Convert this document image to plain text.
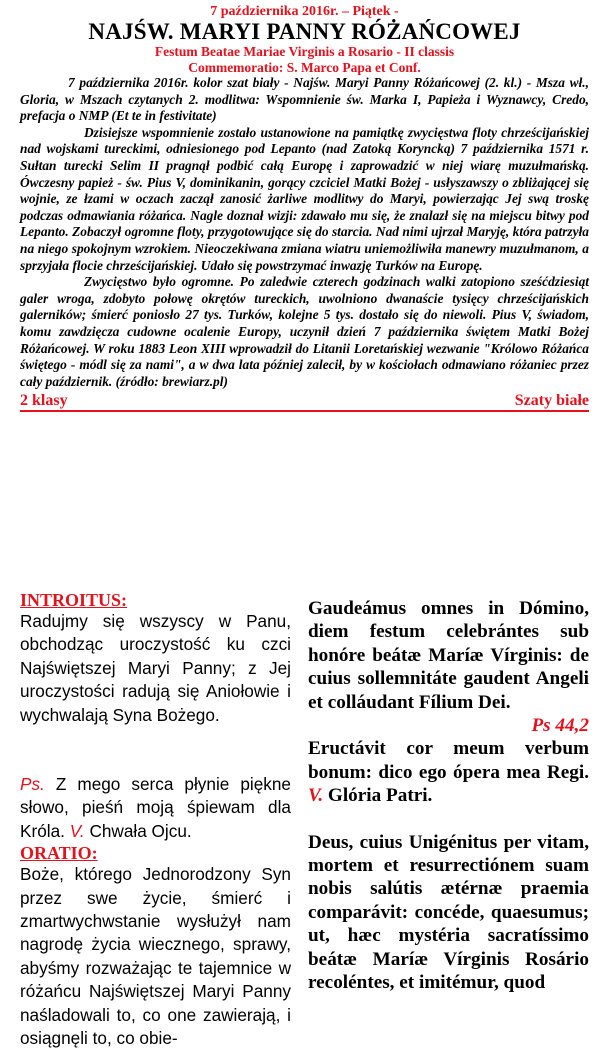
7 października 2016r. – Piątek -
NAJŚW. MARYI PANNY RÓŻAŃCOWEJ
Festum Beatae Mariae Virginis a Rosario - II classis
Commemoratio: S. Marco Papa et Conf.

7 października 2016r. kolor szat biały - Najśw. Maryi Panny Różańcowej (2. kl.) - Msza wł., Gloria, w Mszach czytanych 2. modlitwa: Wspomnienie św. Marka I, Papieża i Wyznawcy, Credo, prefacja o NMP (Et te in festivitate)

Dzisiejsze wspomnienie zostało ustanowione na pamiątkę zwycięstwa floty chrześcijańskiej nad wojskami tureckimi, odniesionego pod Lepanto (nad Zatoką Koryncką) 7 października 1571 r. Sułtan turecki Selim II pragnął podbić całą Europę i zaprowadzić w niej wiarę muzułmańską. Ówczesny papież - św. Pius V, dominikanin, gorący czciciel Matki Bożej - usłyszawszy o zbliżającej się wojnie, ze łzami w oczach zaczął zanosić żarliwe modlitwy do Maryi, powierzając Jej swą troskę podczas odmawiania różańca. Nagle doznał wizji: zdawało mu się, że znalazł się na miejscu bitwy pod Lepanto. Zobaczył ogromne floty, przygotowujące się do starcia. Nad nimi ujrzał Maryję, która patrzyła na niego spokojnym wzrokiem. Nieoczekiwana zmiana wiatru uniemożliwiła manewry muzułmanom, a sprzyjała flocie chrześcijańskiej. Udało się powstrzymać inwazję Turków na Europę.

Zwycięstwo było ogromne. Po zaledwie czterech godzinach walki zatopiono sześćdziesiąt galer wroga, zdobyto połowę okrętów tureckich, uwolniono dwanaście tysięcy chrześcijańskich galerników; śmierć poniosło 27 tys. Turków, kolejne 5 tys. dostało się do niewoli. Pius V, świadom, komu zawdzięcza cudowne ocalenie Europy, uczynił dzień 7 października świętem Matki Bożej Różańcowej. W roku 1883 Leon XIII wprowadził do Litanii Loretańskiej wezwanie "Królowo Różańca świętego - módl się za nami", a w dwa lata później zalecił, by w kościołach odmawiano różaniec przez cały październik. (źródło: brewiarz.pl)

2 klasy	Szaty białe
INTROITUS:

Radujmy się wszyscy w Panu, obchodząc uroczystość ku czci Najświętszej Maryi Panny; z Jej uroczystości radują się Aniołowie i wychwalają Syna Bożego.

Ps. Z mego serca płynie piękne słowo, pieśń moją śpiewam dla Króla. V. Chwała Ojcu.

ORATIO:

Boże, którego Jednorodzony Syn przez swe życie, śmierć i zmartwychwstanie wysłużył nam nagrodę życia wiecznego, sprawy, abyśmy rozważając te tajemnice w różańcu Najświętszej Maryi Panny naśladowali to, co one zawierają, i osiągnęli to, co obie-

Gaudeámus omnes in Dómino, diem festum celebrántes sub honóre beátæ Maríæ Vírginis: de cuius sollemnitáte gaudent Angeli et colláudant Fílium Dei.

Ps 44,2

Eructávit cor meum verbum bonum: dico ego ópera mea Regi. V. Glória Patri.

Deus, cuius Unigénitus per vitam, mortem et resurrectiónem suam nobis salútis ætérnæ praemia comparávit: concéde, quaesumus; ut, hæc mystéria sacratíssimo beátæ Maríæ Vírginis Rosário recoléntes, et imitémur, quod
